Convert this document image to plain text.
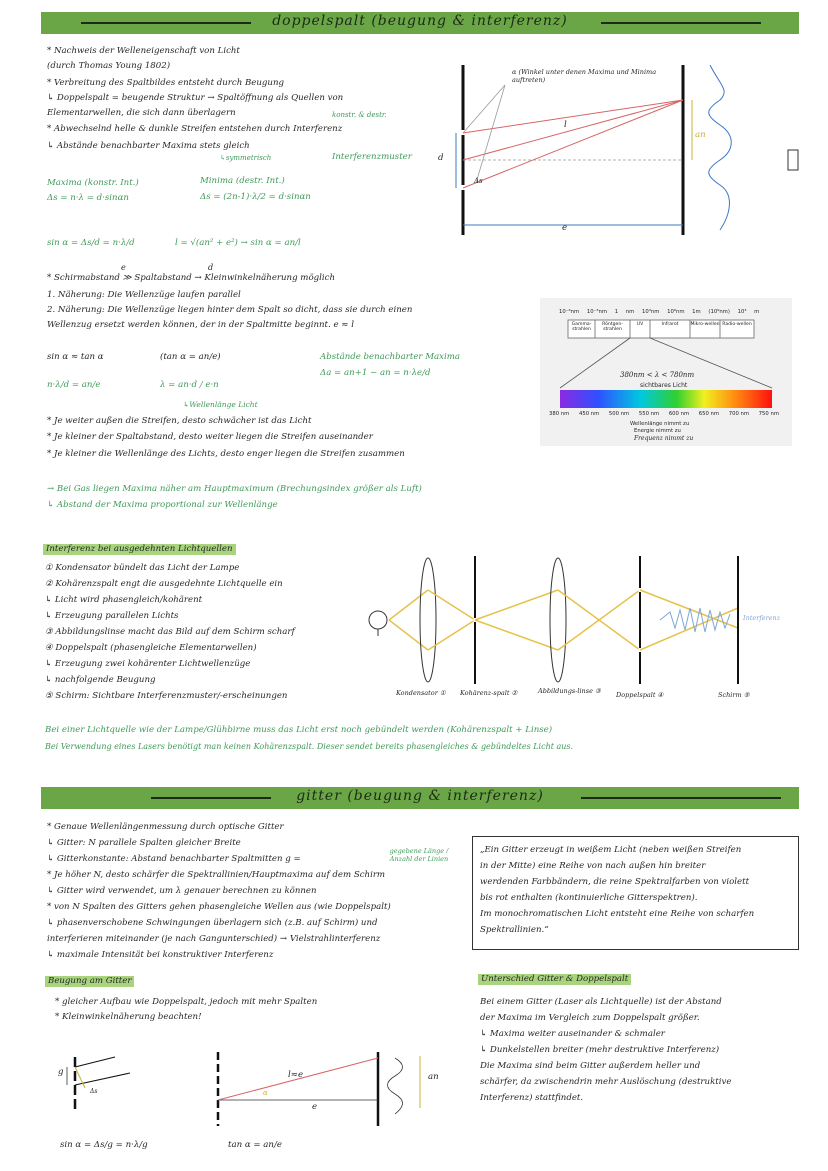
doppelspalt (beugung & interferenz)
* Nachweis der Welleneigenschaft von Licht
(durch Thomas Young 1802)
* Verbreitung des Spaltbildes entsteht durch Beugung
↳ Doppelspalt = beugende Struktur → Spaltöffnung als Quellen von
Elementarwellen, die sich dann überlagern	konstr. & destr.
* Abwechselnd helle & dunkle Streifen entstehen durch Interferenz
↳ Abstände benachbarter Maxima stets gleich
↳symmetrisch	Interferenzmuster
Maxima (konstr. Int.)
Δs = n·λ = d·sinαn
Minima (destr. Int.)
Δs = (2n-1)·λ/2 = d·sinαn
sin α = Δs/d = n·λ/d	l = √(an² + e²) → sin α = an/l
e	d
* Schirmabstand ≫ Spaltabstand → Kleinwinkelnäherung möglich
1. Näherung: Die Wellenzüge laufen parallel
2. Näherung: Die Wellenzüge liegen hinter dem Spalt so dicht, dass sie durch einen
Wellenzug ersetzt werden können, der in der Spaltmitte beginnt. e ≈ l
sin α ≈ tan α	(tan α = an/e)	Abstände benachbarter Maxima
Δa = an+1 − an = n·λe/d
n·λ/d = an/e	λ = an·d / e·n
↳Wellenlänge Licht
* Je weiter außen die Streifen, desto schwächer ist das Licht
* Je kleiner der Spaltabstand, desto weiter liegen die Streifen auseinander
* Je kleiner die Wellenlänge des Lichts, desto enger liegen die Streifen zusammen
→ Bei Gas liegen Maxima näher am Hauptmaximum (Brechungsindex größer als Luft)
↳ Abstand der Maxima proportional zur Wellenlänge
α (Winkel unter denen Maxima und Minima auftreten)
l
an
d
Δs
e
10⁻⁶nm 10⁻³nm 1 nm 10³nm 10⁶nm 1m (10⁹nm) 10³ m
Gamma-strahlen
Röntgen-strahlen
UV	Infrarot	Mikro-wellen Radio-wellen
380nm < λ < 780nm
sichtbares Licht
380 nm 450 nm 500 nm 550 nm 600 nm 650 nm 700 nm 750 nm
Wellenlänge nimmt zu
Energie nimmt zu
Frequenz nimmt zu
Interferenz bei ausgedehnten Lichtquellen
① Kondensator bündelt das Licht der Lampe
② Kohärenzspalt engt die ausgedehnte Lichtquelle ein
↳ Licht wird phasengleich/kohärent
↳ Erzeugung parallelen Lichts
③ Abbildungslinse macht das Bild auf dem Schirm scharf
④ Doppelspalt (phasengleiche Elementarwellen)
↳ Erzeugung zwei kohärenter Lichtwellenzüge
↳ nachfolgende Beugung
⑤ Schirm: Sichtbare Interferenzmuster/-erscheinungen	Kondensator ① Kohärenz-spalt ②	Abbildungs-linse ③ Doppelspalt ④	Schirm ⑤
Interferenz
Bei einer Lichtquelle wie der Lampe/Glühbirne muss das Licht erst noch gebündelt werden (Kohärenzspalt + Linse)
Bei Verwendung eines Lasers benötigt man keinen Kohärenzspalt. Dieser sendet bereits phasengleiches & gebündeltes Licht aus.
gitter (beugung & interferenz)
* Genaue Wellenlängenmessung durch optische Gitter
↳ Gitter: N parallele Spalten gleicher Breite
↳ Gitterkonstante: Abstand benachbarter Spaltmitten g =
gegebene Länge / Anzahl der Linien
* Je höher N, desto schärfer die Spektrallinien/Hauptmaxima auf dem Schirm
↳ Gitter wird verwendet, um λ genauer berechnen zu können
* von N Spalten des Gitters gehen phasengleiche Wellen aus (wie Doppelspalt)
↳ phasenverschobene Schwingungen überlagern sich (z.B. auf Schirm) und
interferieren miteinander (je nach Gangunterschied) → Vielstrahlinterferenz
↳ maximale Intensität bei konstruktiver Interferenz
„Ein Gitter erzeugt in weißem Licht (neben weißen Streifen
in der Mitte) eine Reihe von nach außen hin breiter
werdenden Farbbändern, die reine Spektralfarben von violett
bis rot enthalten (kontinuierliche Gitterspektren).
Im monochromatischen Licht entsteht eine Reihe von scharfen
Spektrallinien.“
Beugung am Gitter
* gleicher Aufbau wie Doppelspalt, jedoch mit mehr Spalten
* Kleinwinkelnäherung beachten!
Unterschied Gitter & Doppelspalt
Bei einem Gitter (Laser als Lichtquelle) ist der Abstand
der Maxima im Vergleich zum Doppelspalt größer.
↳ Maxima weiter auseinander & schmaler
↳ Dunkelstellen breiter (mehr destruktive Interferenz)
Die Maxima sind beim Gitter außerdem heller und
schärfer, da zwischendrin mehr Auslöschung (destruktive
Interferenz) stattfindet.
g
Δs
l≈e
α
e
an
sin α = Δs/g = n·λ/g	tan α = an/e
